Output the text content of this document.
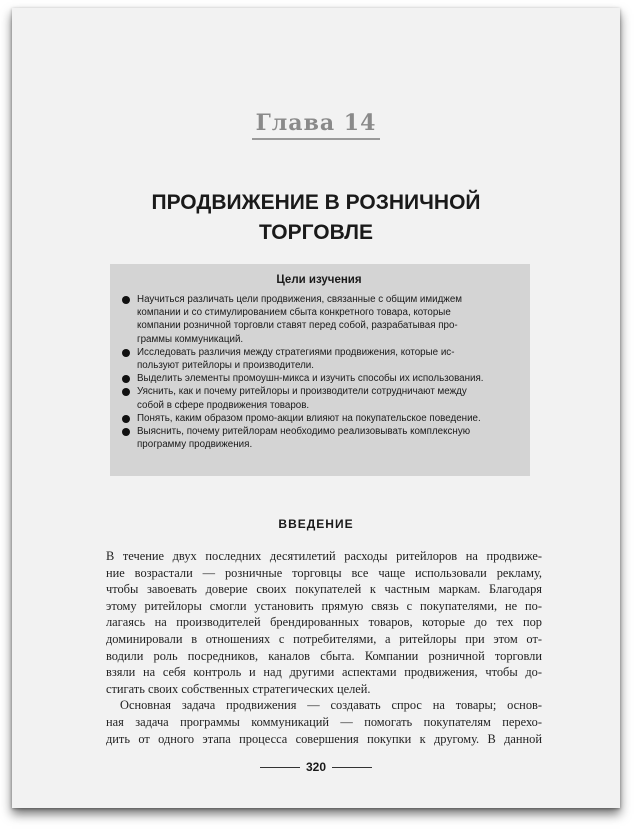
Глава 14
ПРОДВИЖЕНИЕ В РОЗНИЧНОЙ
ТОРГОВЛЕ
Цели изучения
Научиться различать цели продвижения, связанные с общим имиджем
компании и со стимулированием сбыта конкретного товара, которые
компании розничной торговли ставят перед собой, разрабатывая про-
граммы коммуникаций.
Исследовать различия между стратегиями продвижения, которые ис-
пользуют ритейлоры и производители.
Выделить элементы промоушн-микса и изучить способы их использования.
Уяснить, как и почему ритейлоры и производители сотрудничают между
собой в сфере продвижения товаров.
Понять, каким образом промо-акции влияют на покупательское поведение.
Выяснить, почему ритейлорам необходимо реализовывать комплексную
программу продвижения.
ВВЕДЕНИЕ
В течение двух последних десятилетий расходы ритейлоров на продвиже-
ние возрастали — розничные торговцы все чаще использовали рекламу,
чтобы завоевать доверие своих покупателей к частным маркам. Благодаря
этому ритейлоры смогли установить прямую связь с покупателями, не по-
лагаясь на производителей брендированных товаров, которые до тех пор
доминировали в отношениях с потребителями, а ритейлоры при этом от-
водили роль посредников, каналов сбыта. Компании розничной торговли
взяли на себя контроль и над другими аспектами продвижения, чтобы до-
стигать своих собственных стратегических целей.
Основная задача продвижения — создавать спрос на товары; основ-
ная задача программы коммуникаций — помогать покупателям перехо-
дить от одного этапа процесса совершения покупки к другому. В данной
320
